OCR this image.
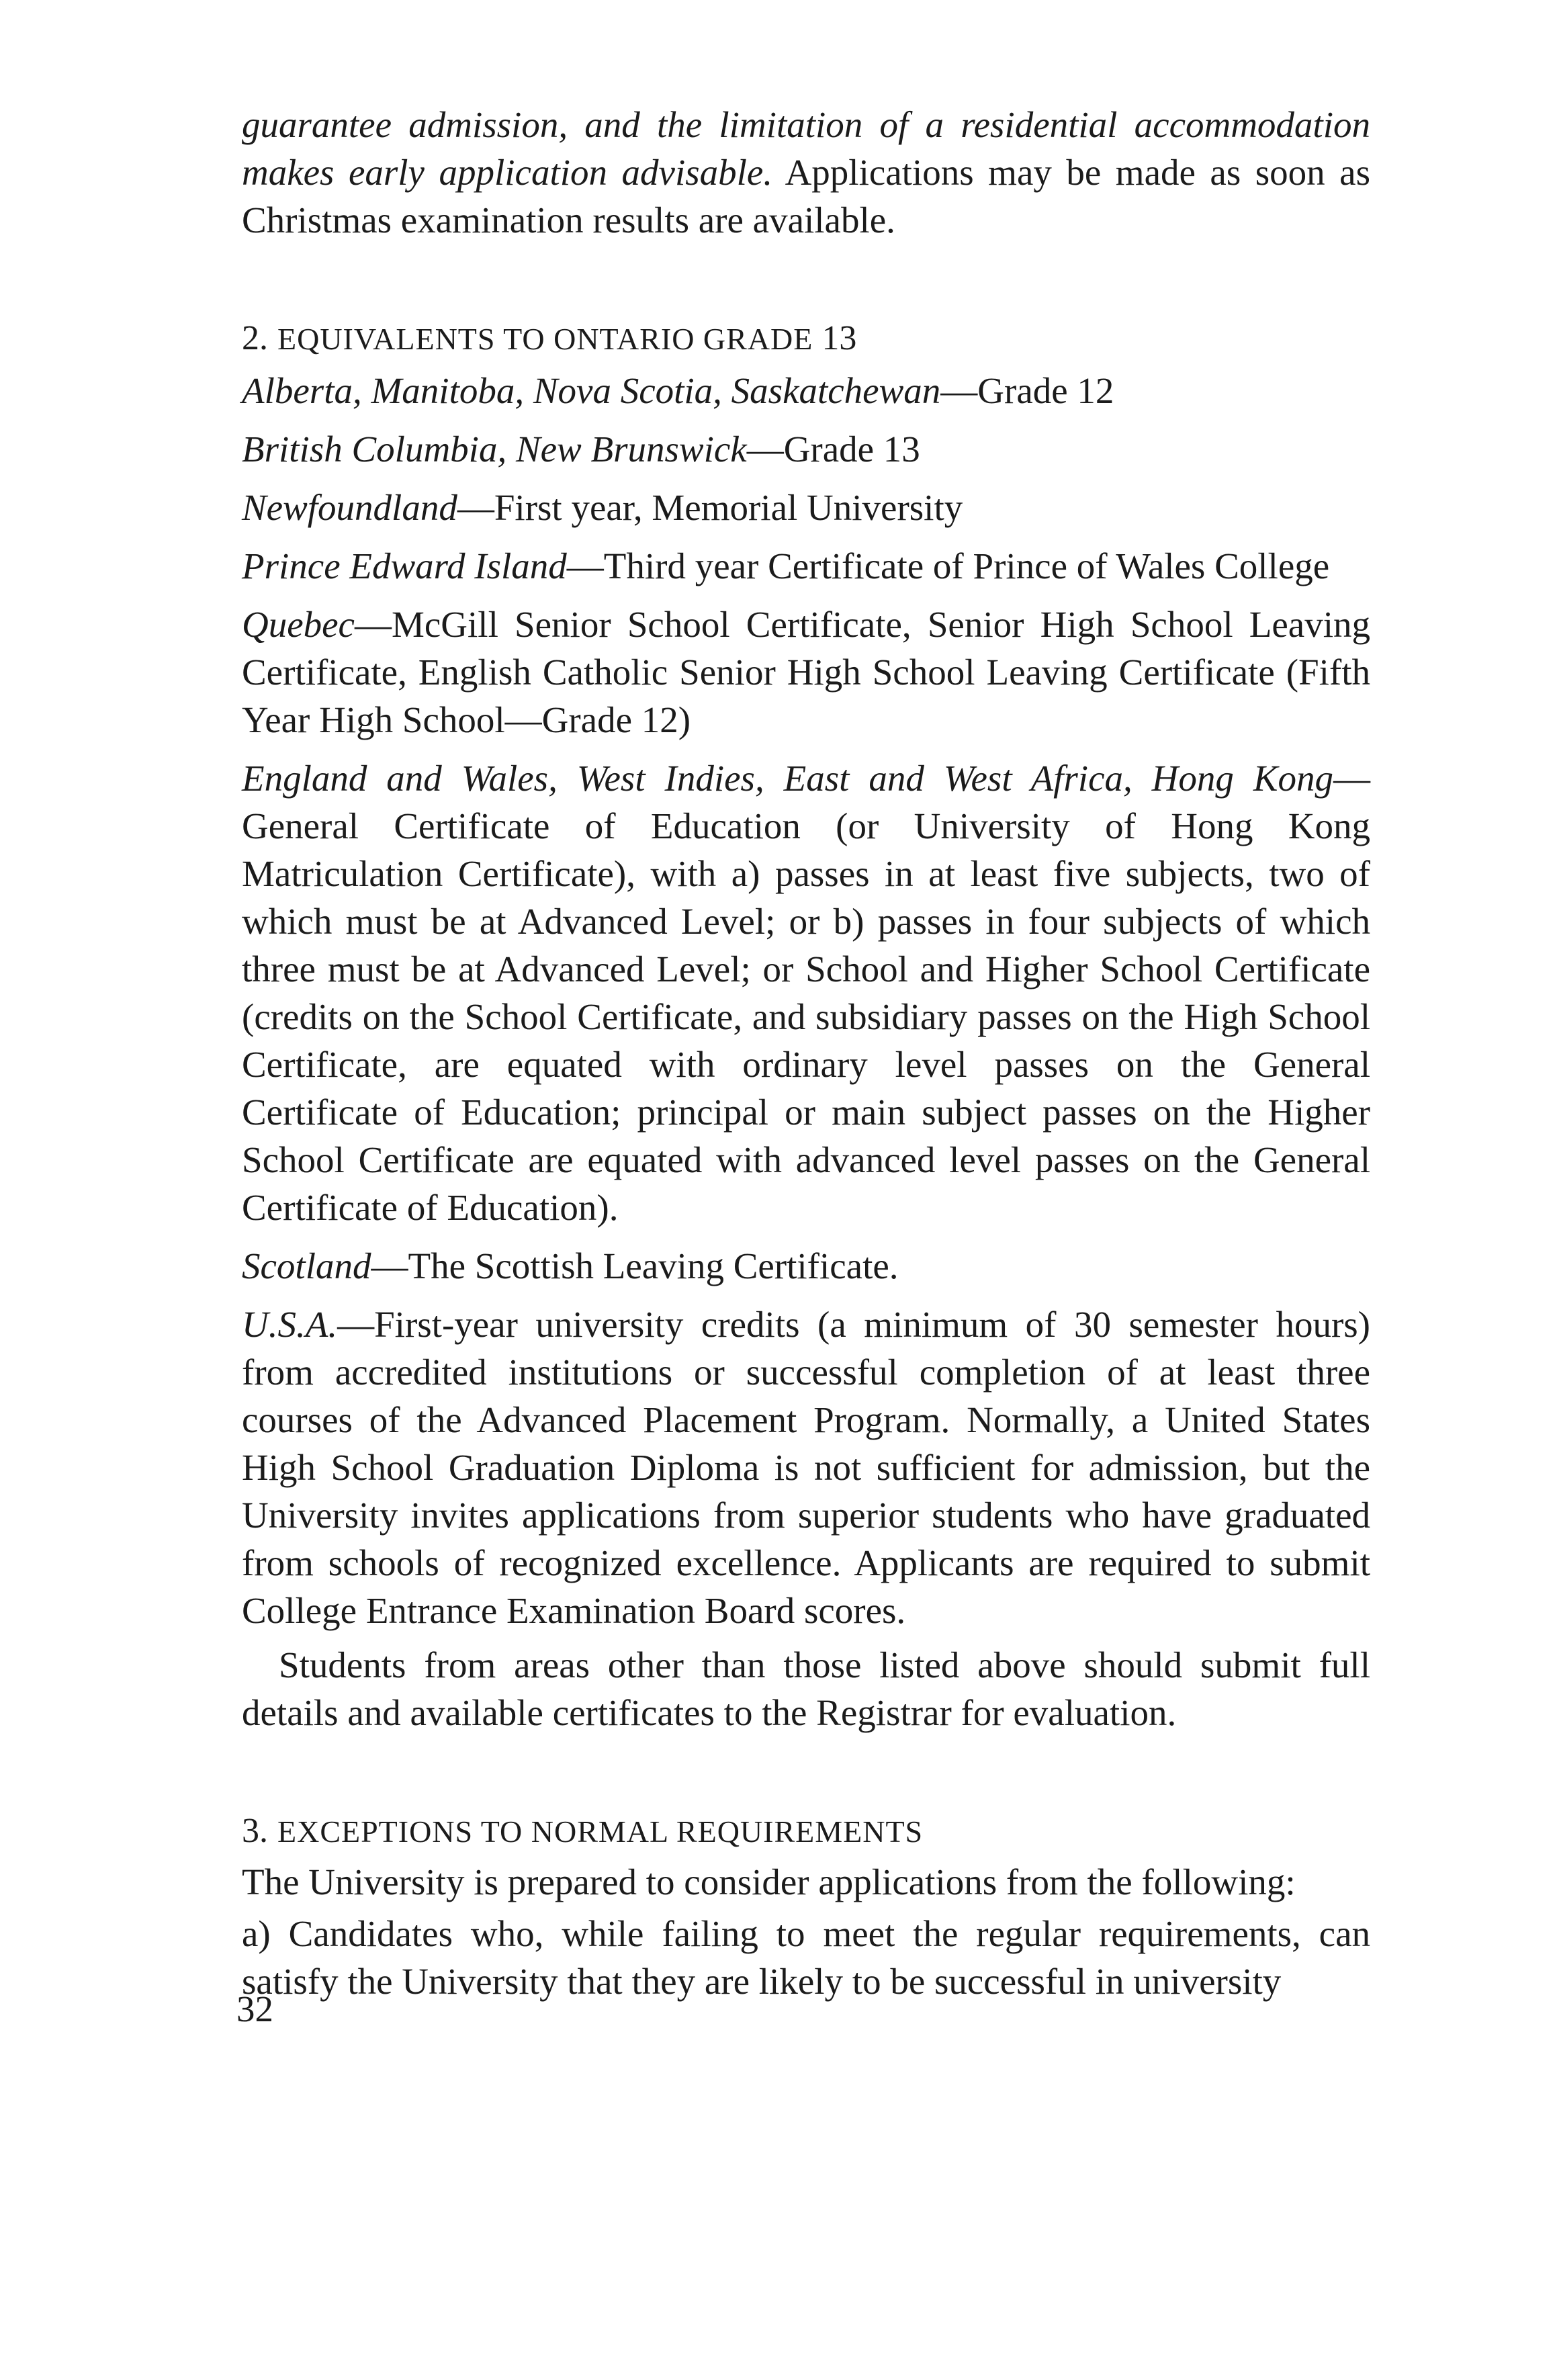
guarantee admission, and the limitation of a residential accommodation makes early application advisable. Applications may be made as soon as Christmas examination results are available.

2. EQUIVALENTS TO ONTARIO GRADE 13

Alberta, Manitoba, Nova Scotia, Saskatchewan—Grade 12

British Columbia, New Brunswick—Grade 13

Newfoundland—First year, Memorial University

Prince Edward Island—Third year Certificate of Prince of Wales College

Quebec—McGill Senior School Certificate, Senior High School Leaving Certificate, English Catholic Senior High School Leaving Certificate (Fifth Year High School—Grade 12)

England and Wales, West Indies, East and West Africa, Hong Kong—General Certificate of Education (or University of Hong Kong Matriculation Certificate), with a) passes in at least five subjects, two of which must be at Advanced Level; or b) passes in four subjects of which three must be at Advanced Level; or School and Higher School Certificate (credits on the School Certificate, and subsidiary passes on the High School Certificate, are equated with ordinary level passes on the General Certificate of Education; principal or main subject passes on the Higher School Certificate are equated with advanced level passes on the General Certificate of Education).

Scotland—The Scottish Leaving Certificate.

U.S.A.—First-year university credits (a minimum of 30 semester hours) from accredited institutions or successful completion of at least three courses of the Advanced Placement Program. Normally, a United States High School Graduation Diploma is not sufficient for admission, but the University invites applications from superior students who have graduated from schools of recognized excellence. Applicants are required to submit College Entrance Examination Board scores.

Students from areas other than those listed above should submit full details and available certificates to the Registrar for evaluation.

3. EXCEPTIONS TO NORMAL REQUIREMENTS

The University is prepared to consider applications from the following:

a) Candidates who, while failing to meet the regular requirements, can satisfy the University that they are likely to be successful in university

32
